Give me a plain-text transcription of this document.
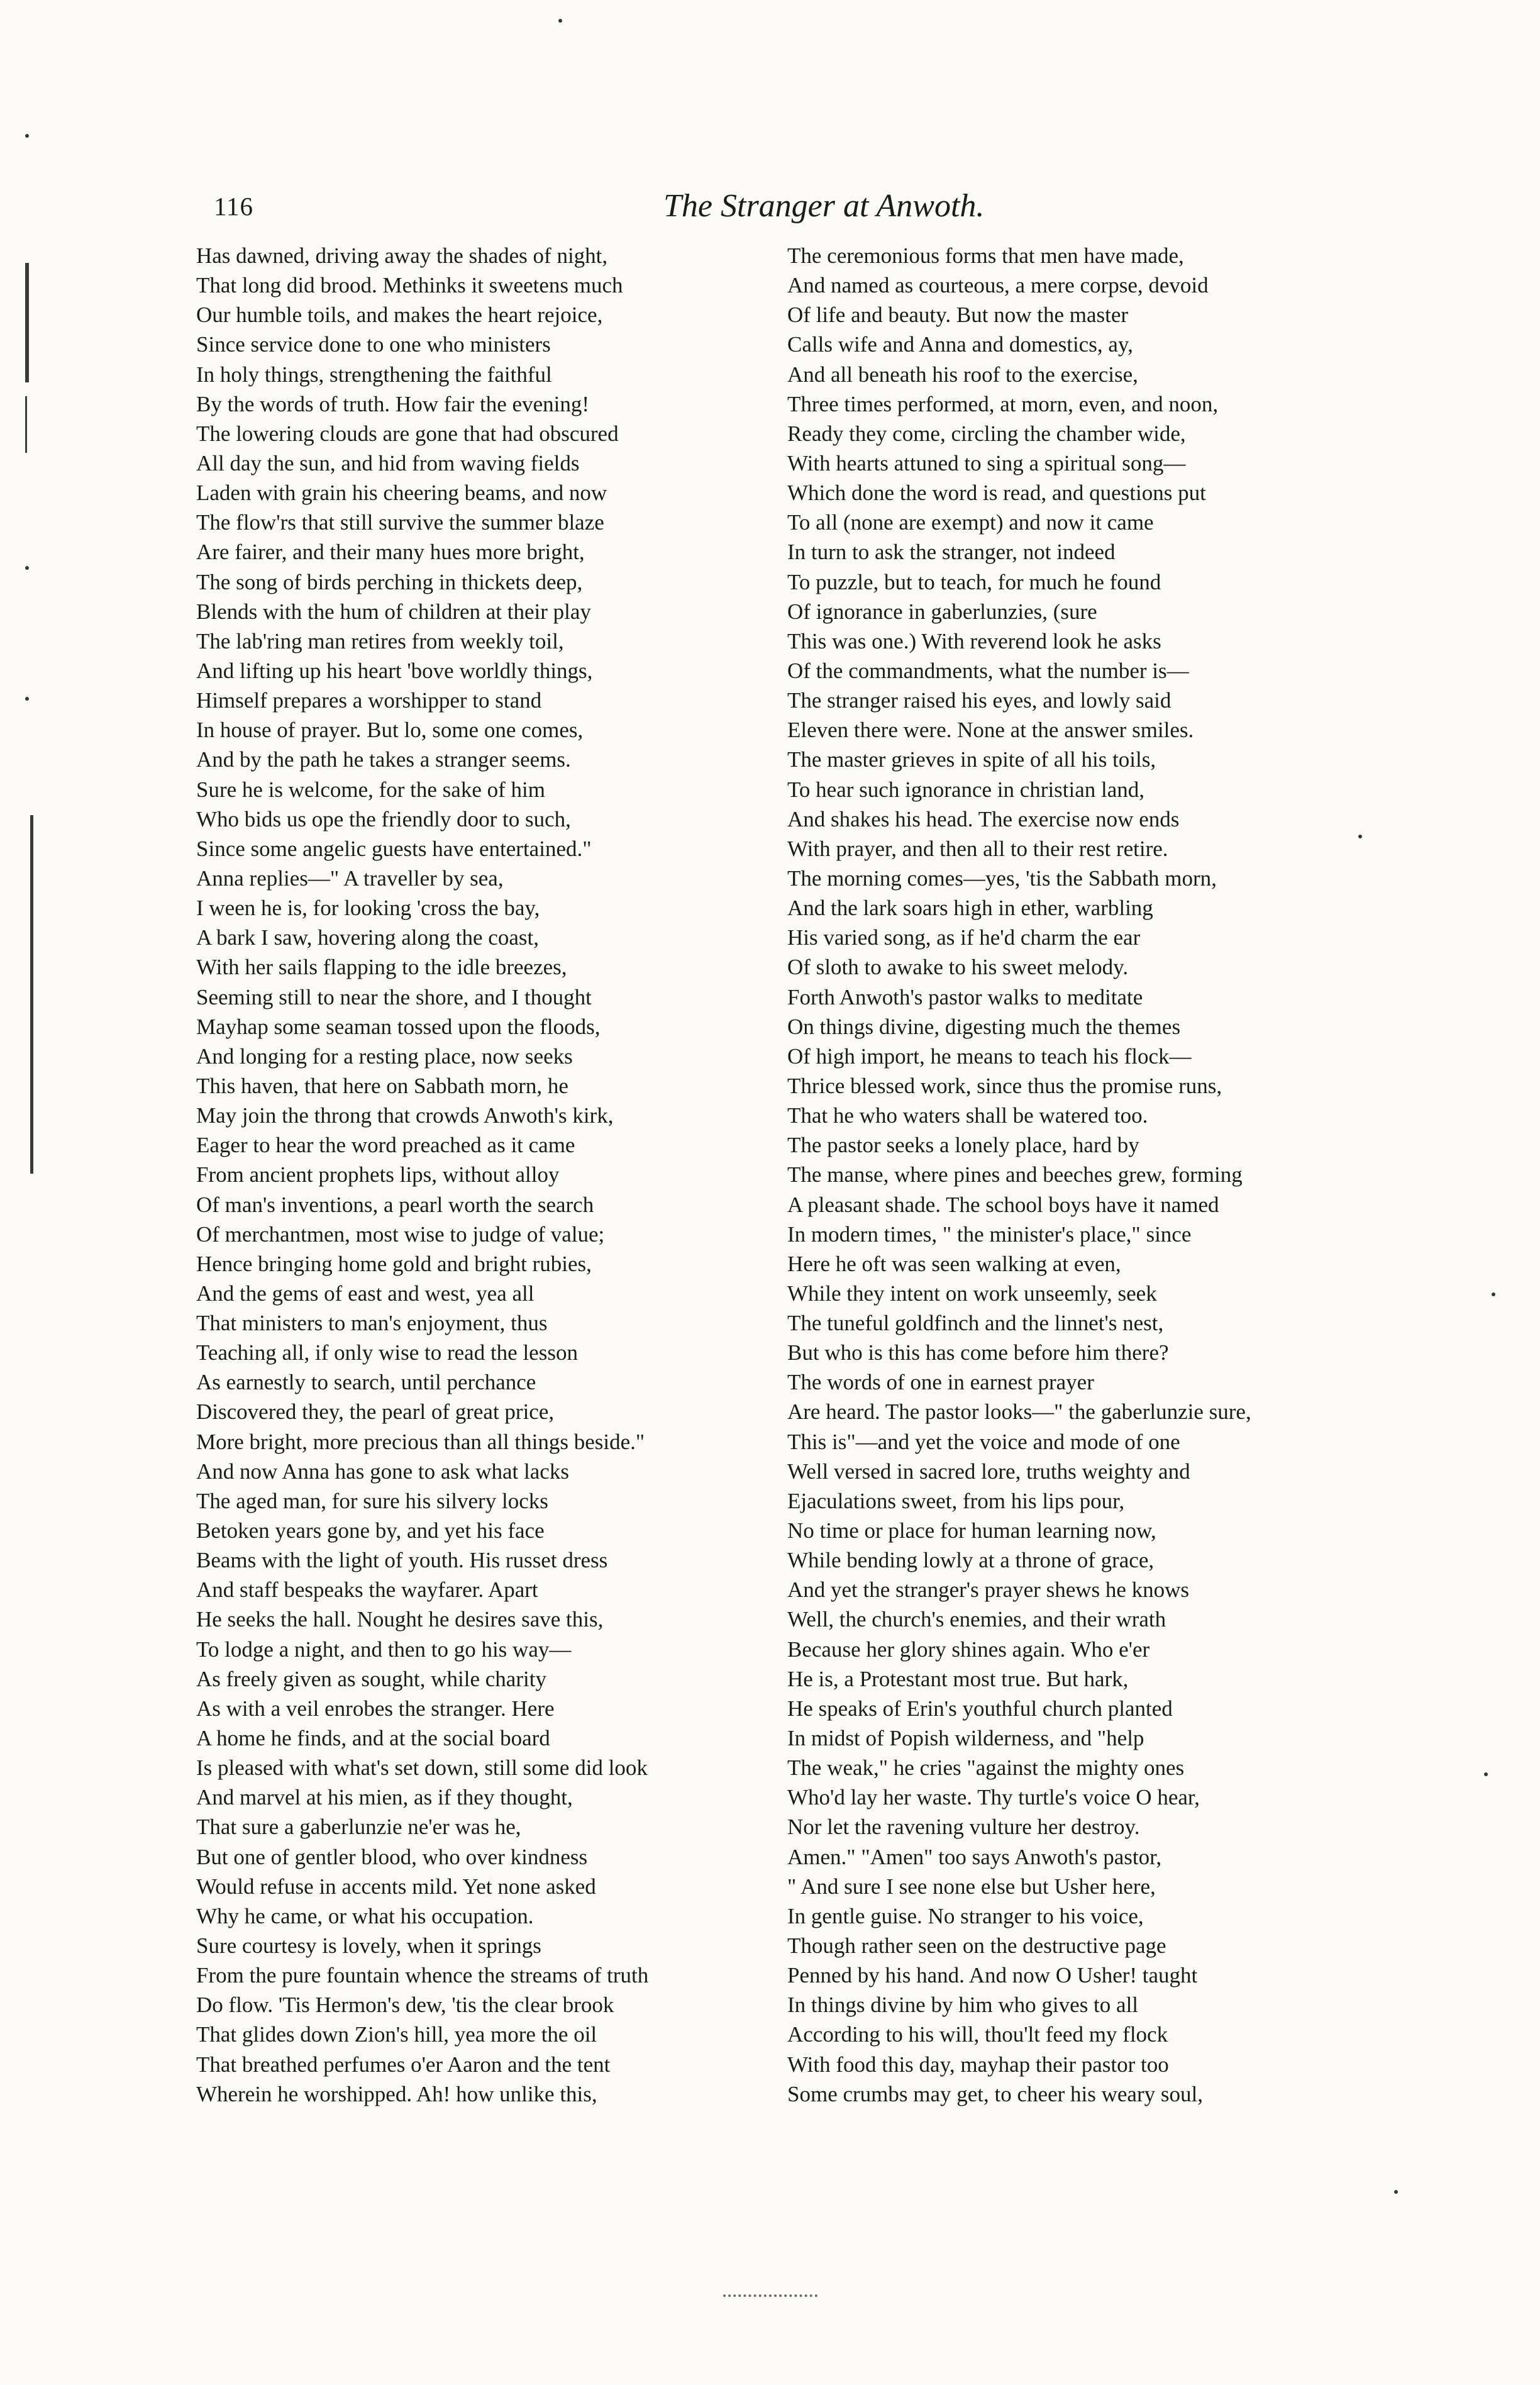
116	The Stranger at Anwoth.
Has dawned, driving away the shades of night,
That long did brood. Methinks it sweetens much
Our humble toils, and makes the heart rejoice,
Since service done to one who ministers
In holy things, strengthening the faithful
By the words of truth. How fair the evening!
The lowering clouds are gone that had obscured
All day the sun, and hid from waving fields
Laden with grain his cheering beams, and now
The flow'rs that still survive the summer blaze
Are fairer, and their many hues more bright,
The song of birds perching in thickets deep,
Blends with the hum of children at their play
The lab'ring man retires from weekly toil,
And lifting up his heart 'bove worldly things,
Himself prepares a worshipper to stand
In house of prayer. But lo, some one comes,
And by the path he takes a stranger seems.
Sure he is welcome, for the sake of him
Who bids us ope the friendly door to such,
Since some angelic guests have entertained."
Anna replies—" A traveller by sea,
I ween he is, for looking 'cross the bay,
A bark I saw, hovering along the coast,
With her sails flapping to the idle breezes,
Seeming still to near the shore, and I thought
Mayhap some seaman tossed upon the floods,
And longing for a resting place, now seeks
This haven, that here on Sabbath morn, he
May join the throng that crowds Anwoth's kirk,
Eager to hear the word preached as it came
From ancient prophets lips, without alloy
Of man's inventions, a pearl worth the search
Of merchantmen, most wise to judge of value;
Hence bringing home gold and bright rubies,
And the gems of east and west, yea all
That ministers to man's enjoyment, thus
Teaching all, if only wise to read the lesson
As earnestly to search, until perchance
Discovered they, the pearl of great price,
More bright, more precious than all things beside."
And now Anna has gone to ask what lacks
The aged man, for sure his silvery locks
Betoken years gone by, and yet his face
Beams with the light of youth. His russet dress
And staff bespeaks the wayfarer. Apart
He seeks the hall. Nought he desires save this,
To lodge a night, and then to go his way—
As freely given as sought, while charity
As with a veil enrobes the stranger. Here
A home he finds, and at the social board
Is pleased with what's set down, still some did look
And marvel at his mien, as if they thought,
That sure a gaberlunzie ne'er was he,
But one of gentler blood, who over kindness
Would refuse in accents mild. Yet none asked
Why he came, or what his occupation.
Sure courtesy is lovely, when it springs
From the pure fountain whence the streams of truth
Do flow. 'Tis Hermon's dew, 'tis the clear brook
That glides down Zion's hill, yea more the oil
That breathed perfumes o'er Aaron and the tent
Wherein he worshipped. Ah! how unlike this,
The ceremonious forms that men have made,
And named as courteous, a mere corpse, devoid
Of life and beauty. But now the master
Calls wife and Anna and domestics, ay,
And all beneath his roof to the exercise,
Three times performed, at morn, even, and noon,
Ready they come, circling the chamber wide,
With hearts attuned to sing a spiritual song—
Which done the word is read, and questions put
To all (none are exempt) and now it came
In turn to ask the stranger, not indeed
To puzzle, but to teach, for much he found
Of ignorance in gaberlunzies, (sure
This was one.) With reverend look he asks
Of the commandments, what the number is—
The stranger raised his eyes, and lowly said
Eleven there were. None at the answer smiles.
The master grieves in spite of all his toils,
To hear such ignorance in christian land,
And shakes his head. The exercise now ends
With prayer, and then all to their rest retire.
The morning comes—yes, 'tis the Sabbath morn,
And the lark soars high in ether, warbling
His varied song, as if he'd charm the ear
Of sloth to awake to his sweet melody.
Forth Anwoth's pastor walks to meditate
On things divine, digesting much the themes
Of high import, he means to teach his flock—
Thrice blessed work, since thus the promise runs,
That he who waters shall be watered too.
The pastor seeks a lonely place, hard by
The manse, where pines and beeches grew, forming
A pleasant shade. The school boys have it named
In modern times, " the minister's place," since
Here he oft was seen walking at even,
While they intent on work unseemly, seek
The tuneful goldfinch and the linnet's nest,
But who is this has come before him there?
The words of one in earnest prayer
Are heard. The pastor looks—" the gaberlunzie sure,
This is"—and yet the voice and mode of one
Well versed in sacred lore, truths weighty and
Ejaculations sweet, from his lips pour,
No time or place for human learning now,
While bending lowly at a throne of grace,
And yet the stranger's prayer shews he knows
Well, the church's enemies, and their wrath
Because her glory shines again. Who e'er
He is, a Protestant most true. But hark,
He speaks of Erin's youthful church planted
In midst of Popish wilderness, and "help
The weak," he cries "against the mighty ones
Who'd lay her waste. Thy turtle's voice O hear,
Nor let the ravening vulture her destroy.
Amen." "Amen" too says Anwoth's pastor,
" And sure I see none else but Usher here,
In gentle guise. No stranger to his voice,
Though rather seen on the destructive page
Penned by his hand. And now O Usher! taught
In things divine by him who gives to all
According to his will, thou'lt feed my flock
With food this day, mayhap their pastor too
Some crumbs may get, to cheer his weary soul,
